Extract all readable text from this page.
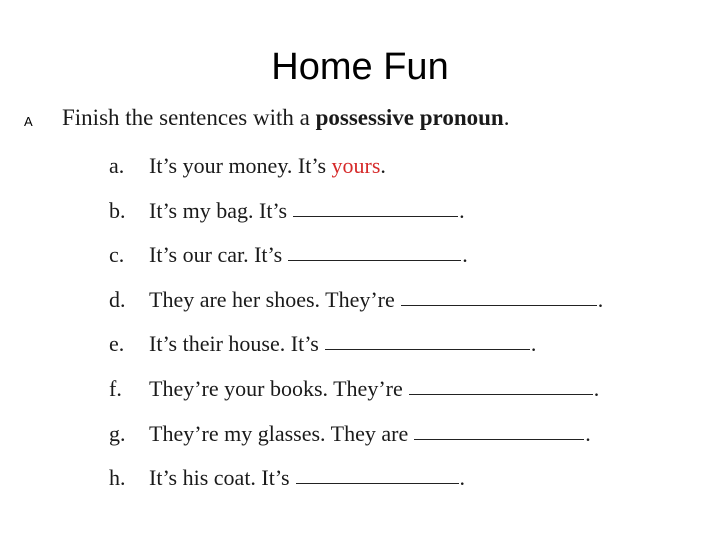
Home Fun
A Finish the sentences with a possessive pronoun.
a.	It’s your money. It’s
yours .
b.	It’s my bag. It’s	.
c.	It’s our car. It’s	.
d.	They are her shoes. They’re	.
e.	It’s their house. It’s	.
f.	They’re your books. They’re	.
g.	They’re my glasses. They are	.
h.	It’s his coat. It’s	.
